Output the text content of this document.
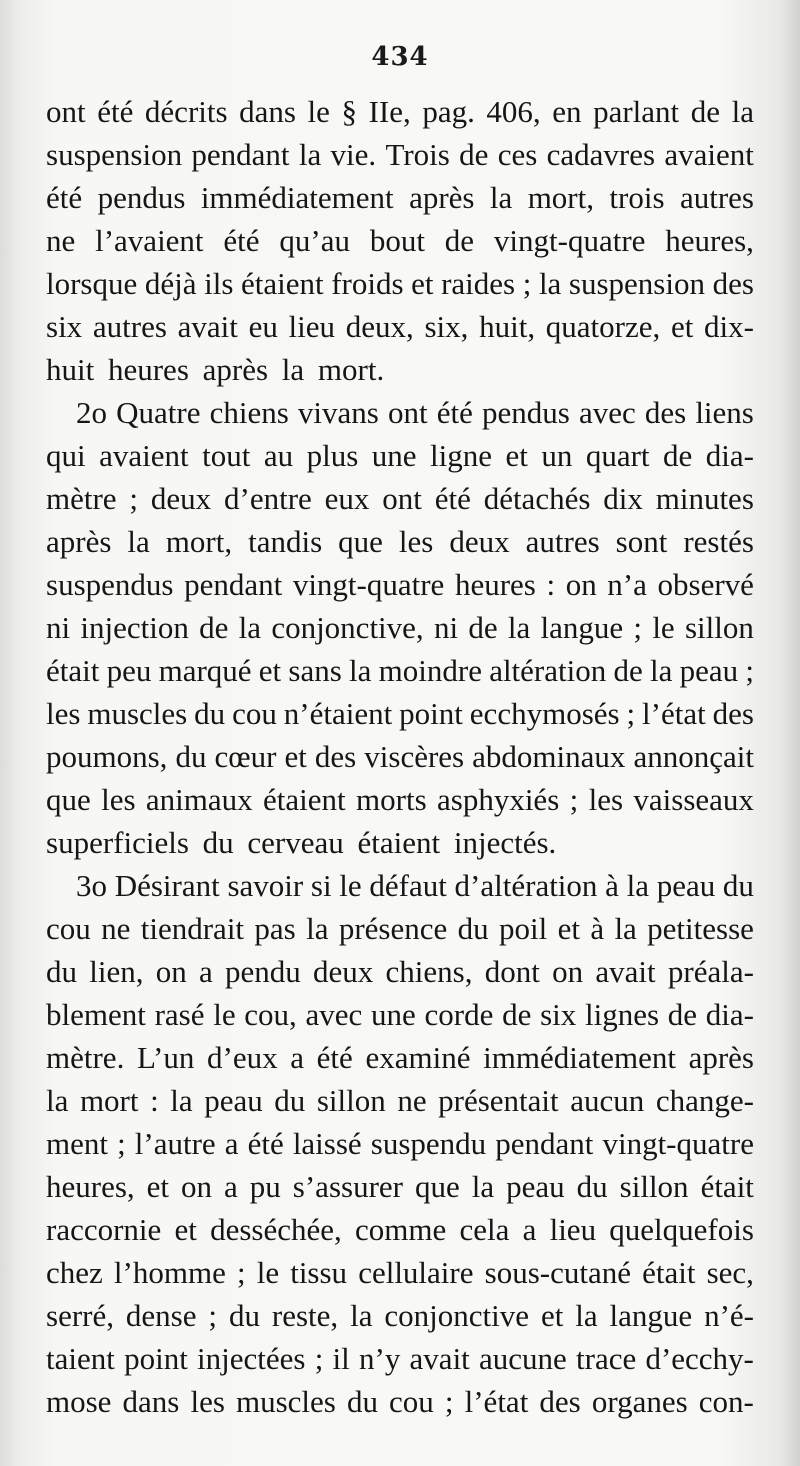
434
ont été décrits dans le § IIe, pag. 406, en parlant de la
suspension pendant la vie. Trois de ces cadavres avaient
été pendus immédiatement après la mort, trois autres
ne l’avaient été qu’au bout de vingt-quatre heures,
lorsque déjà ils étaient froids et raides ; la suspension des
six autres avait eu lieu deux, six, huit, quatorze, et dix-
huit heures après la mort.
2o Quatre chiens vivans ont été pendus avec des liens
qui avaient tout au plus une ligne et un quart de dia-
mètre ; deux d’entre eux ont été détachés dix minutes
après la mort, tandis que les deux autres sont restés
suspendus pendant vingt-quatre heures : on n’a observé
ni injection de la conjonctive, ni de la langue ; le sillon
était peu marqué et sans la moindre altération de la peau ;
les muscles du cou n’étaient point ecchymosés ; l’état des
poumons, du cœur et des viscères abdominaux annonçait
que les animaux étaient morts asphyxiés ; les vaisseaux
superficiels du cerveau étaient injectés.
3o Désirant savoir si le défaut d’altération à la peau du
cou ne tiendrait pas la présence du poil et à la petitesse
du lien, on a pendu deux chiens, dont on avait préala-
blement rasé le cou, avec une corde de six lignes de dia-
mètre. L’un d’eux a été examiné immédiatement après
la mort : la peau du sillon ne présentait aucun change-
ment ; l’autre a été laissé suspendu pendant vingt-quatre
heures, et on a pu s’assurer que la peau du sillon était
raccornie et desséchée, comme cela a lieu quelquefois
chez l’homme ; le tissu cellulaire sous-cutané était sec,
serré, dense ; du reste, la conjonctive et la langue n’é-
taient point injectées ; il n’y avait aucune trace d’ecchy-
mose dans les muscles du cou ; l’état des organes con-
